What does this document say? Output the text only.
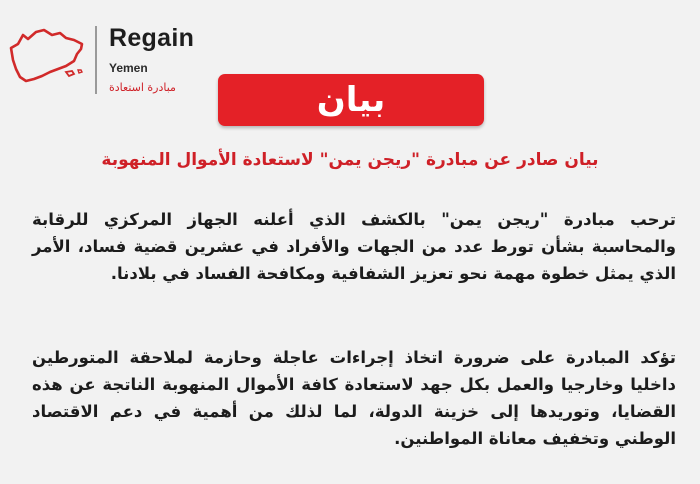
Regain
Yemen
مبادرة استعادة	بيان
بيان صادر عن مبادرة "ريجن يمن" لاستعادة الأموال المنهوبة

ترحب مبادرة "ريجن يمن" بالكشف الذي أعلنه الجهاز المركزي للرقابة والمحاسبة بشأن تورط عدد من الجهات والأفراد في عشرين قضية فساد، الأمر الذي يمثل خطوة مهمة نحو تعزيز الشفافية ومكافحة الفساد في بلادنا.

تؤكد المبادرة على ضرورة اتخاذ إجراءات عاجلة وحازمة لملاحقة المتورطين داخليا وخارجيا والعمل بكل جهد لاستعادة كافة الأموال المنهوبة الناتجة عن هذه القضايا، وتوريدها إلى خزينة الدولة، لما لذلك من أهمية في دعم الاقتصاد الوطني وتخفيف معاناة المواطنين.
